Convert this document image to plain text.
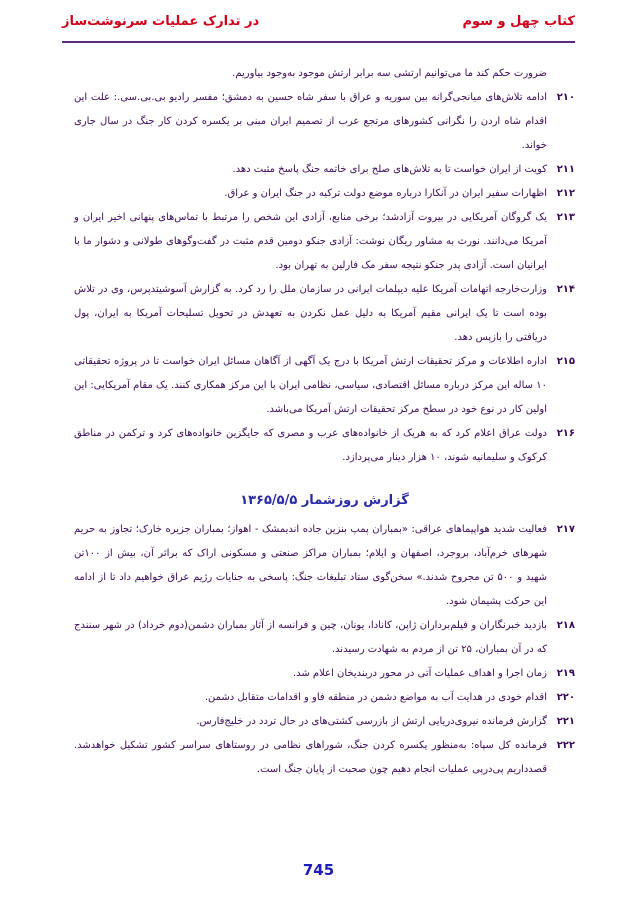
کتاب چهل و سوم
در تدارک عملیات سرنوشت‌ساز

ضرورت حکم کند ما می‌توانیم ارتشی سه برابر ارتش موجود به‌وجود بیاوریم.

۲۱۰
ادامه تلاش‌های میانجی‌گرانه بین سوریه و عراق با سفر شاه حسین به دمشق؛ مفسر رادیو بی‌.بی‌.سی.: علت این اقدام شاه اردن را نگرانی کشورهای مرتجع عرب از تصمیم ایران مبنی بر یکسره کردن کار جنگ در سال جاری خواند.

۲۱۱
کویت از ایران خواست تا به تلاش‌های صلح برای خاتمه جنگ پاسخ مثبت دهد.

۲۱۲
اظهارات سفیر ایران در آنکارا درباره موضع دولت ترکیه در جنگ ایران و عراق.

۲۱۳
یک گروگان آمریکایی در بیروت آزادشد؛ برخی منابع، آزادی این شخص را مرتبط با تماس‌های پنهانی اخیر ایران و آمریکا می‌دانند. نورث به مشاور ریگان نوشت: آزادی جنکو دومین قدم مثبت در گفت‌وگوهای طولانی و دشوار ما با ایرانیان است. آزادی پدر جنکو نتیجه سفر مک فارلین به تهران بود.

۲۱۴
وزارت‌خارجه اتهامات آمریکا علیه دیپلمات ایرانی در سازمان ملل را رد کرد. به گزارش آسوشیتدپرس، وی در تلاش بوده است تا یک ایرانی مقیم آمریکا به دلیل عمل نکردن به تعهدش در تحویل تسلیحات آمریکا به ایران، پول دریافتی را بازپس دهد.

۲۱۵
اداره اطلاعات و مرکز تحقیقات ارتش آمریکا با درج یک آگهی از آگاهان مسائل ایران خواست تا در پروژه تحقیقاتی ۱۰ ساله این مرکز درباره مسائل اقتصادی، سیاسی، نظامی ایران با این مرکز همکاری کنند. یک مقام آمریکایی: این اولین کار در نوع خود در سطح مرکز تحقیقات ارتش آمریکا می‌باشد.

۲۱۶
دولت عراق اعلام کرد که به هریک از خانواده‌های عرب و مصری که جایگزین خانواده‌های کرد و ترکمن در مناطق کرکوک و سلیمانیه شوند، ۱۰ هزار دینار می‌پردازد.

گزارش روزشمار ۱۳۶۵/۵/۵

۲۱۷
فعالیت شدید هواپیماهای عراقی: «بمباران پمپ بنزین جاده اندیمشک - اهواز؛ بمباران جزیره خارک؛ تجاوز به حریم شهرهای خرم‌آباد، بروجرد، اصفهان و ایلام؛ بمباران مراکز صنعتی و مسکونی اراک که براثر آن، بیش از ۱۰۰تن شهید و ۵۰۰ تن مجروح شدند.» سخن‌گوی ستاد تبلیغات جنگ: پاسخی به جنایات رژیم عراق خواهیم داد تا از ادامه این حرکت پشیمان شود.

۲۱۸
بازدید خبرنگاران و فیلم‌برداران ژاپن، کانادا، یونان، چین و فرانسه از آثار بمباران دشمن(دوم خرداد) در شهر سنندج که در آن بمباران، ۲۵ تن از مردم به شهادت رسیدند.

۲۱۹
زمان اجرا و اهداف عملیات آتی در محور دربندیخان اعلام شد.

۲۲۰
اقدام خودی در هدایت آب به مواضع دشمن در منطقه فاو و اقدامات متقابل دشمن.

۲۲۱
گزارش فرمانده نیروی‌دریایی ارتش از بازرسی کشتی‌های در حال تردد در خلیج‌فارس.

۲۲۲
فرمانده کل سپاه: به‌منظور یکسره کردن جنگ، شوراهای نظامی در روستاهای سراسر کشور تشکیل خواهدشد. قصدداریم پی‌درپی عملیات انجام دهیم چون صحبت از پایان جنگ است.

745
